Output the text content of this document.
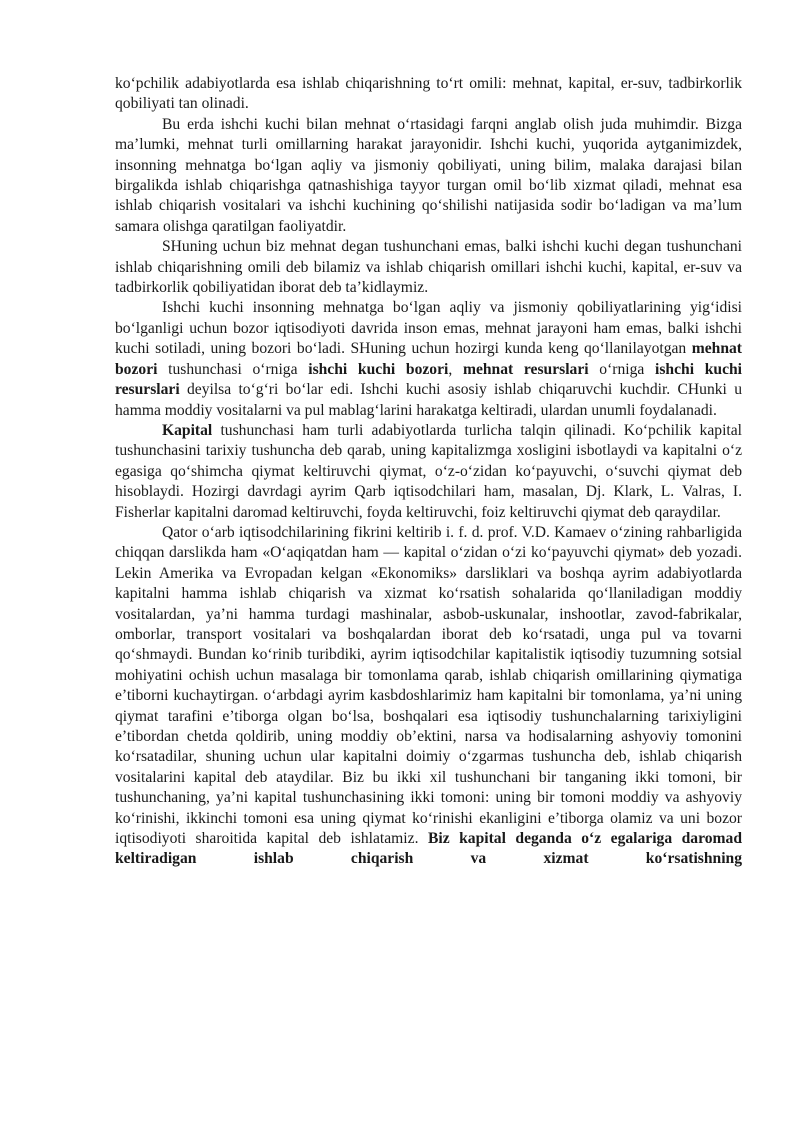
ko‘pchilik adabiyotlarda esa ishlab chiqarishning to‘rt omili: mehnat, kapital, er-suv, tadbirkorlik qobiliyati tan olinadi.

Bu erda ishchi kuchi bilan mehnat o‘rtasidagi farqni anglab olish juda muhimdir. Bizga ma’lumki, mehnat turli omillarning harakat jarayonidir. Ishchi kuchi, yuqorida aytganimizdek, insonning mehnatga bo‘lgan aqliy va jismoniy qobiliyati, uning bilim, malaka darajasi bilan birgalikda ishlab chiqarishga qatnashishiga tayyor turgan omil bo‘lib xizmat qiladi, mehnat esa ishlab chiqarish vositalari va ishchi kuchining qo‘shilishi natijasida sodir bo‘ladigan va ma’lum samara olishga qaratilgan faoliyatdir.

SHuning uchun biz mehnat degan tushunchani emas, balki ishchi kuchi degan tushunchani ishlab chiqarishning omili deb bilamiz va ishlab chiqarish omillari ishchi kuchi, kapital, er-suv va tadbirkorlik qobiliyatidan iborat deb ta’kidlaymiz.

Ishchi kuchi insonning mehnatga bo‘lgan aqliy va jismoniy qobiliyatlarining yig‘idisi bo‘lganligi uchun bozor iqtisodiyoti davrida inson emas, mehnat jarayoni ham emas, balki ishchi kuchi sotiladi, uning bozori bo‘ladi. SHuning uchun hozirgi kunda keng qo‘llanilayotgan mehnat bozori tushunchasi o‘rniga ishchi kuchi bozori, mehnat resurslari o‘rniga ishchi kuchi resurslari deyilsa to‘g‘ri bo‘lar edi. Ishchi kuchi asosiy ishlab chiqaruvchi kuchdir. CHunki u hamma moddiy vositalarni va pul mablag‘larini harakatga keltiradi, ulardan unumli foydalanadi.

Kapital tushunchasi ham turli adabiyotlarda turlicha talqin qilinadi. Ko‘pchilik kapital tushunchasini tarixiy tushuncha deb qarab, uning kapitalizmga xosligini isbotlaydi va kapitalni o‘z egasiga qo‘shimcha qiymat keltiruvchi qiymat, o‘z-o‘zidan ko‘payuvchi, o‘suvchi qiymat deb hisoblaydi. Hozirgi davrdagi ayrim Qarb iqtisodchilari ham, masalan, Dj. Klark, L. Valras, I. Fisherlar kapitalni daromad keltiruvchi, foyda keltiruvchi, foiz keltiruvchi qiymat deb qaraydilar.

Qator o‘arb iqtisodchilarining fikrini keltirib i. f. d. prof. V.D. Kamaev o‘zining rahbarligida chiqqan darslikda ham «O‘aqiqatdan ham — kapital o‘zidan o‘zi ko‘payuvchi qiymat» deb yozadi. Lekin Amerika va Evropadan kelgan «Ekonomiks» darsliklari va boshqa ayrim adabiyotlarda kapitalni hamma ishlab chiqarish va xizmat ko‘rsatish sohalarida qo‘llaniladigan moddiy vositalardan, ya’ni hamma turdagi mashinalar, asbob-uskunalar, inshootlar, zavod-fabrikalar, omborlar, transport vositalari va boshqalardan iborat deb ko‘rsatadi, unga pul va tovarni qo‘shmaydi. Bundan ko‘rinib turibdiki, ayrim iqtisodchilar kapitalistik iqtisodiy tuzumning sotsial mohiyatini ochish uchun masalaga bir tomonlama qarab, ishlab chiqarish omillarining qiymatiga e’tiborni kuchaytirgan. o‘arbdagi ayrim kasbdoshlarimiz ham kapitalni bir tomonlama, ya’ni uning qiymat tarafini e’tiborga olgan bo‘lsa, boshqalari esa iqtisodiy tushunchalarning tarixiyligini e’tibordan chetda qoldirib, uning moddiy ob’ektini, narsa va hodisalarning ashyoviy tomonini ko‘rsatadilar, shuning uchun ular kapitalni doimiy o‘zgarmas tushuncha deb, ishlab chiqarish vositalarini kapital deb ataydilar. Biz bu ikki xil tushunchani bir tanganing ikki tomoni, bir tushunchaning, ya’ni kapital tushunchasining ikki tomoni: uning bir tomoni moddiy va ashyoviy ko‘rinishi, ikkinchi tomoni esa uning qiymat ko‘rinishi ekanligini e’tiborga olamiz va uni bozor iqtisodiyoti sharoitida kapital deb ishlatamiz. Biz kapital deganda o‘z egalariga daromad keltiradigan ishlab chiqarish va xizmat ko‘rsatishning
